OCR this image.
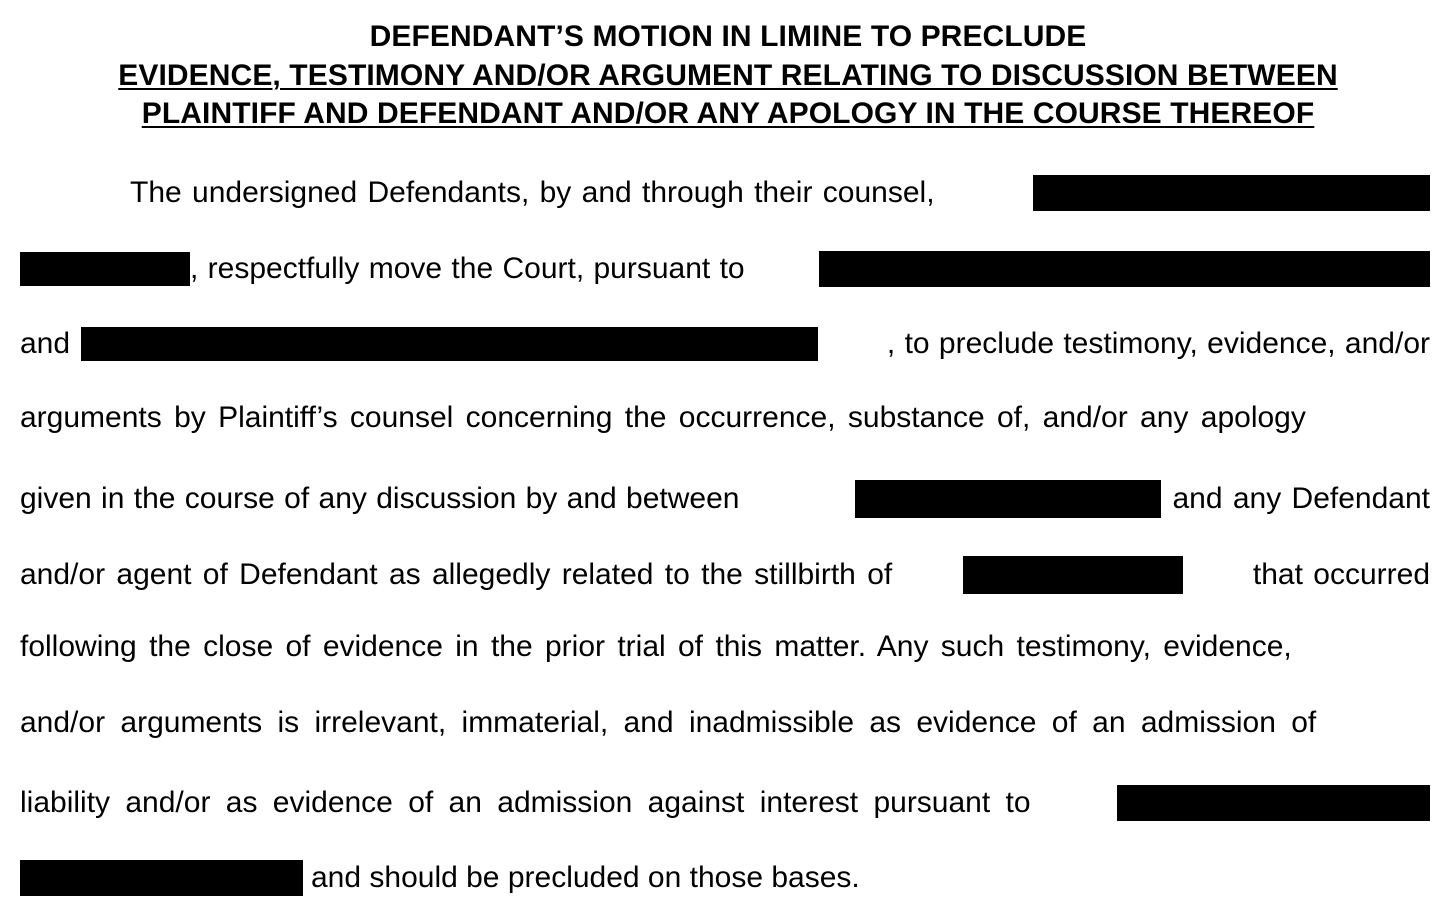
DEFENDANT’S MOTION IN LIMINE TO PRECLUDE
EVIDENCE, TESTIMONY AND/OR ARGUMENT RELATING TO DISCUSSION BETWEEN
PLAINTIFF AND DEFENDANT AND/OR ANY APOLOGY IN THE COURSE THEREOF
The undersigned Defendants, by and through their counsel,
, respectfully move the Court, pursuant to
and	, to preclude testimony, evidence, and/or
arguments by Plaintiff’s counsel concerning the occurrence, substance of, and/or any apology
given in the course of any discussion by and between	and any Defendant
and/or agent of Defendant as allegedly related to the stillbirth of	that occurred
following the close of evidence in the prior trial of this matter. Any such testimony, evidence,
and/or arguments is irrelevant, immaterial, and inadmissible as evidence of an admission of
liability and/or as evidence of an admission against interest pursuant to
and should be precluded on those bases.
